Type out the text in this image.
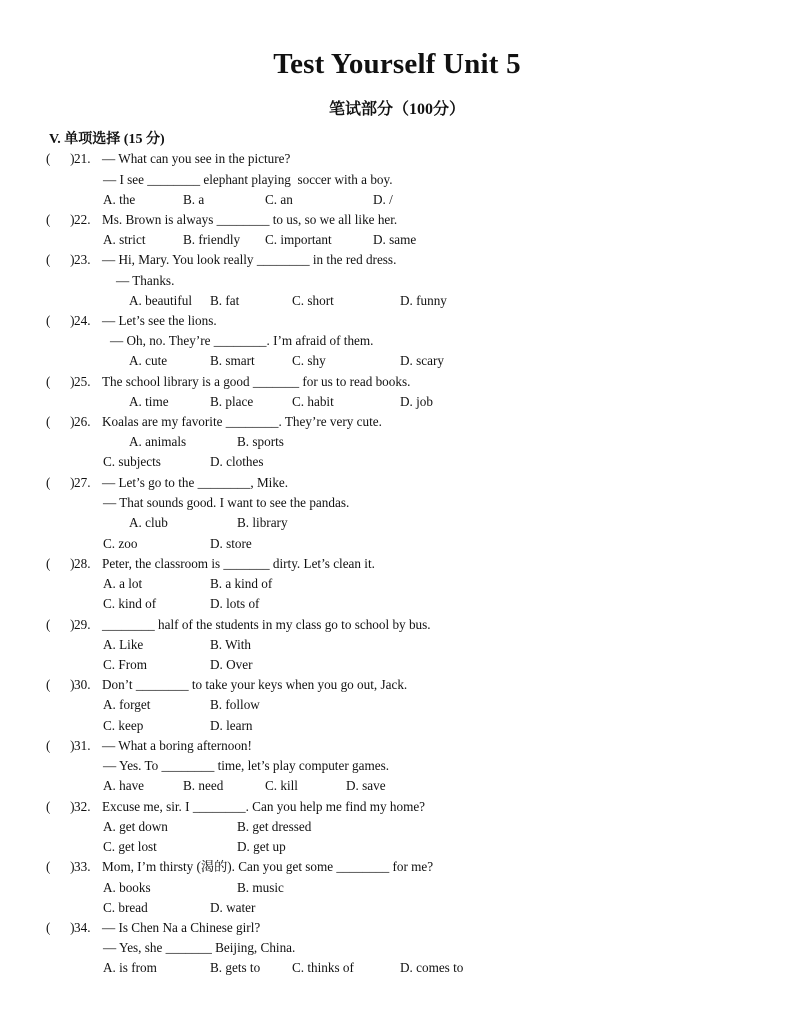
Test Yourself Unit 5
笔试部分（100分）
V. 单项选择 (15 分)
(      ) 21. — What can you see in the picture?
— I see ________ elephant playing  soccer with a boy.
A. the	B. a	C. an	D. /
(      ) 22. Ms. Brown is always ________ to us, so we all like her.
A. strict	B. friendly C. important	D. same
(      ) 23. — Hi, Mary. You look really ________ in the red dress.
— Thanks.
A. beautiful B. fat	C. short	D. funny
(      ) 24. — Let’s see the lions.
— Oh, no. They’re ________. I’m afraid of them.
A. cute	B. smart	C. shy	D. scary
(      ) 25. The school library is a good _______ for us to read books.
A. time	B. place	C. habit	D. job
(      ) 26. Koalas are my favorite ________. They’re very cute.
A. animals	B. sports
C. subjects	D. clothes
(      ) 27. — Let’s go to the ________, Mike.
— That sounds good. I want to see the pandas.
A. club	B. library
C. zoo	D. store
(      ) 28. Peter, the classroom is _______ dirty. Let’s clean it.
A. a lot	B. a kind of
C. kind of	D. lots of
(      ) 29. ________ half of the students in my class go to school by bus.
A. Like	B. With
C. From	D. Over
(      ) 30. Don’t ________ to take your keys when you go out, Jack.
A. forget	B. follow
C. keep	D. learn
(      ) 31. — What a boring afternoon!
— Yes. To ________ time, let’s play computer games.
A. have	B. need	C. kill	D. save
(      ) 32. Excuse me, sir. I ________. Can you help me find my home?
A. get down	B. get dressed
C. get lost	D. get up
(      ) 33. Mom, I’m thirsty (渴的). Can you get some ________ for me?
A. books	B. music
C. bread	D. water
(      ) 34. — Is Chen Na a Chinese girl?
— Yes, she _______ Beijing, China.
A. is from	B. gets to C. thinks of	D. comes to
